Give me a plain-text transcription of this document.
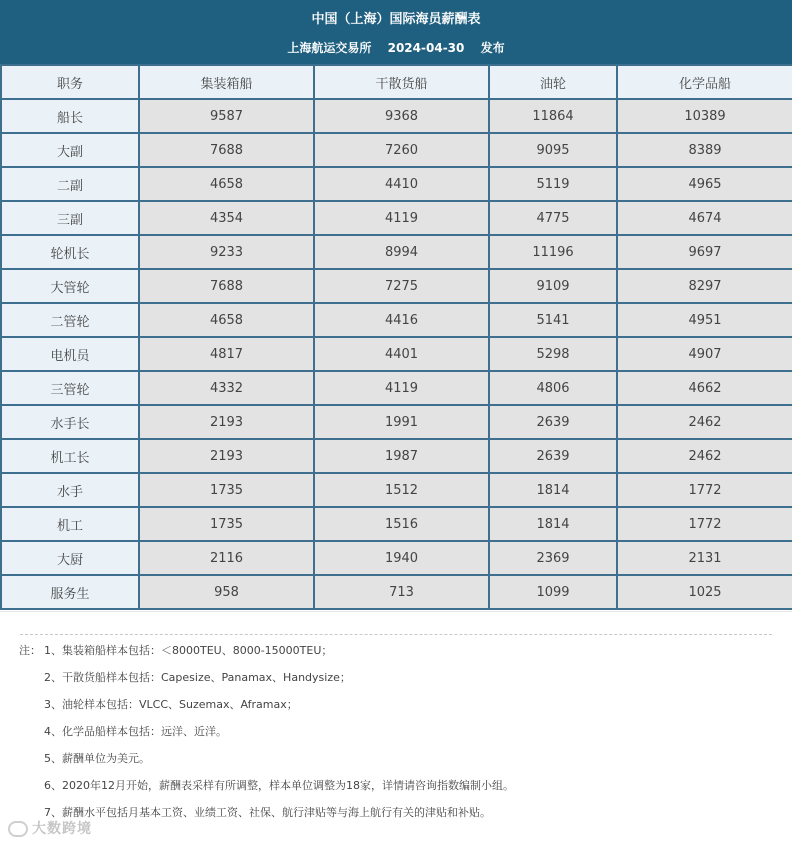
中国（上海）国际海员薪酬表
上海航运交易所 2024-04-30 发布
职务	集装箱船	干散货船	油轮	化学品船
船长	9587	9368	11864	10389
大副	7688	7260	9095	8389
二副	4658	4410	5119	4965
三副	4354	4119	4775	4674
轮机长	9233	8994	11196	9697
大管轮	7688	7275	9109	8297
二管轮	4658	4416	5141	4951
电机员	4817	4401	5298	4907
三管轮	4332	4119	4806	4662
水手长	2193	1991	2639	2462
机工长	2193	1987	2639	2462
水手	1735	1512	1814	1772
机工	1735	1516	1814	1772
大厨	2116	1940	2369	2131
服务生	958	713	1099	1025
注： 1、集装箱船样本包括：＜8000TEU、8000-15000TEU；
2、干散货船样本包括：Capesize、Panamax、Handysize；
3、油轮样本包括：VLCC、Suzemax、Aframax；
4、化学品船样本包括：远洋、近洋。
5、薪酬单位为美元。
6、2020年12月开始，薪酬表采样有所调整，样本单位调整为18家，详情请咨询指数编制小组。
7、薪酬水平包括月基本工资、业绩工资、社保、航行津贴等与海上航行有关的津贴和补贴。
大数跨境
